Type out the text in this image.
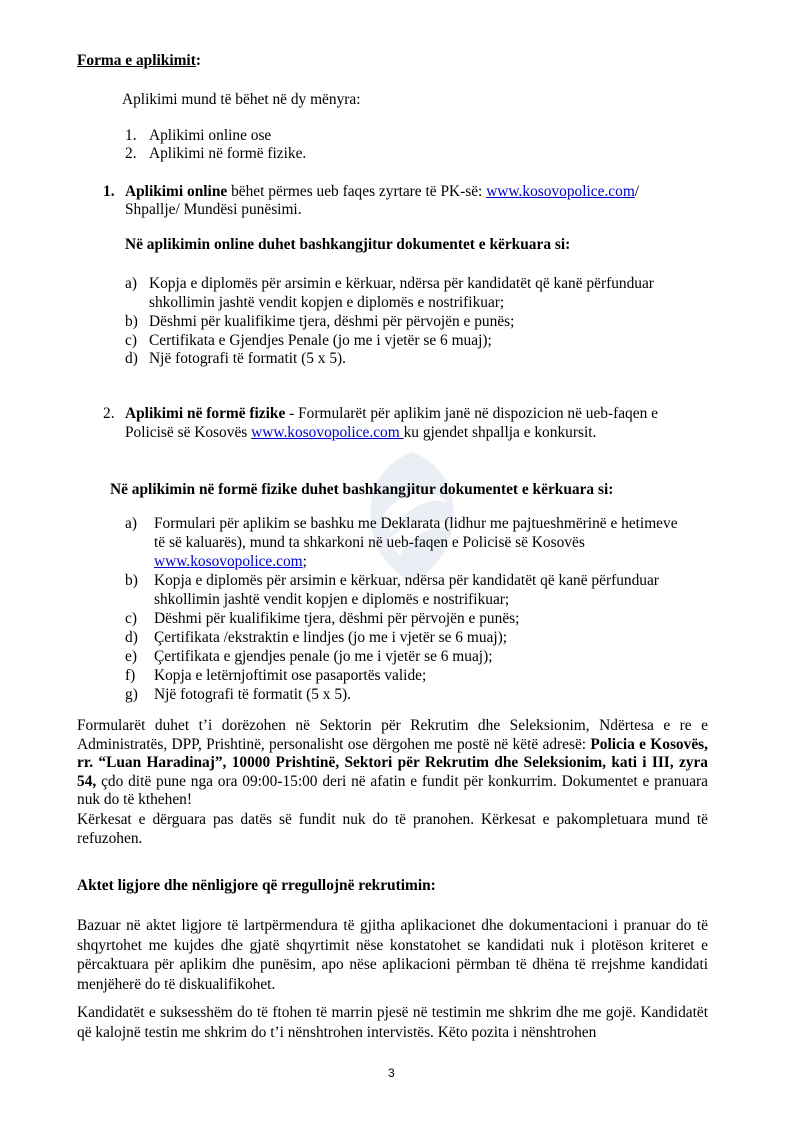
Forma e aplikimit:
Aplikimi mund të bëhet në dy mënyra:
1. Aplikimi online ose
2. Aplikimi në formë fizike.
1. Aplikimi online bëhet përmes ueb faqes zyrtare të PK-së: www.kosovopolice.com/
Shpallje/ Mundësi punësimi.
Në aplikimin online duhet bashkangjitur dokumentet e kërkuara si:
a) Kopja e diplomës për arsimin e kërkuar, ndërsa për kandidatët që kanë përfunduar
shkollimin jashtë vendit kopjen e diplomës e nostrifikuar;
b) Dëshmi për kualifikime tjera, dëshmi për përvojën e punës;
c) Certifikata e Gjendjes Penale (jo me i vjetër se 6 muaj);
d) Një fotografi të formatit (5 x 5).
2. Aplikimi në formë fizike - Formularët për aplikim janë në dispozicion në ueb-faqen e
Policisë së Kosovës www.kosovopolice.com ku gjendet shpallja e konkursit.
Në aplikimin në formë fizike duhet bashkangjitur dokumentet e kërkuara si:
a) Formulari për aplikim se bashku me Deklarata (lidhur me pajtueshmërinë e hetimeve
të së kaluarës), mund ta shkarkoni në ueb-faqen e Policisë së Kosovës
www.kosovopolice.com;
b) Kopja e diplomës për arsimin e kërkuar, ndërsa për kandidatët që kanë përfunduar
shkollimin jashtë vendit kopjen e diplomës e nostrifikuar;
c) Dëshmi për kualifikime tjera, dëshmi për përvojën e punës;
d) Çertifikata /ekstraktin e lindjes (jo me i vjetër se 6 muaj);
e) Çertifikata e gjendjes penale (jo me i vjetër se 6 muaj);
f) Kopja e letërnjoftimit ose pasaportës valide;
g) Një fotografi të formatit (5 x 5).
Formularët duhet t’i dorëzohen në Sektorin për Rekrutim dhe Seleksionim, Ndërtesa e re e Administratës, DPP, Prishtinë, personalisht ose dërgohen me postë në këtë adresë: Policia e Kosovës, rr. “Luan Haradinaj”, 10000 Prishtinë, Sektori për Rekrutim dhe Seleksionim, kati i III, zyra 54, çdo ditë pune nga ora 09:00-15:00 deri në afatin e fundit për konkurrim. Dokumentet e pranuara nuk do të kthehen!
Kërkesat e dërguara pas datës së fundit nuk do të pranohen. Kërkesat e pakompletuara mund të refuzohen.
Aktet ligjore dhe nënligjore që rregullojnë rekrutimin:
Bazuar në aktet ligjore të lartpërmendura të gjitha aplikacionet dhe dokumentacioni i pranuar do të shqyrtohet me kujdes dhe gjatë shqyrtimit nëse konstatohet se kandidati nuk i plotëson kriteret e përcaktuara për aplikim dhe punësim, apo nëse aplikacioni përmban të dhëna të rrejshme kandidati menjëherë do të diskualifikohet.
Kandidatët e suksesshëm do të ftohen të marrin pjesë në testimin me shkrim dhe me gojë. Kandidatët që kalojnë testin me shkrim do t’i nënshtrohen intervistës. Këto pozita i nënshtrohen
3
